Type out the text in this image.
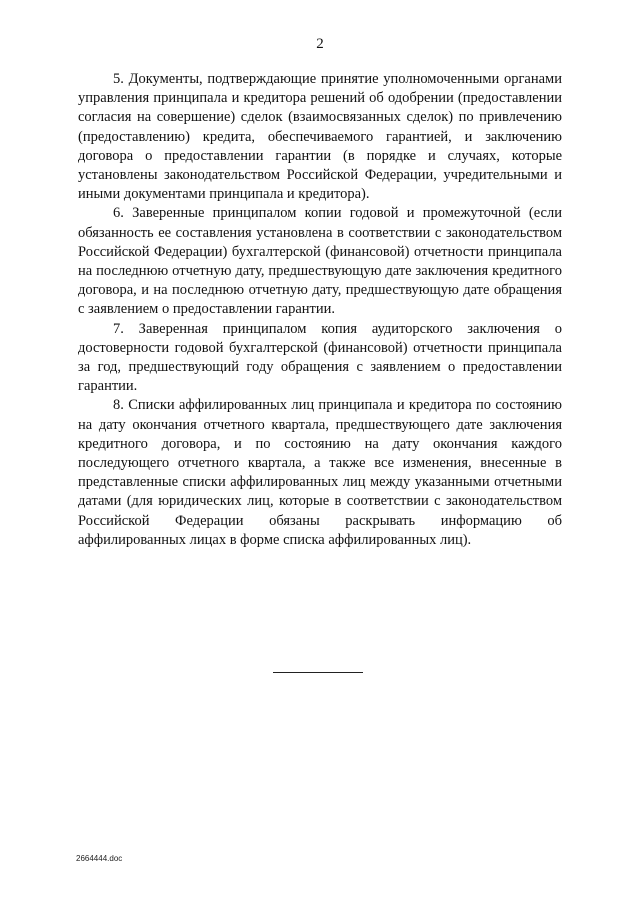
2

5. Документы, подтверждающие принятие уполномоченными органами управления принципала и кредитора решений об одобрении (предоставлении согласия на совершение) сделок (взаимосвязанных сделок) по привлечению (предоставлению) кредита, обеспечиваемого гарантией, и заключению договора о предоставлении гарантии (в порядке и случаях, которые установлены законодательством Российской Федерации, учредительными и иными документами принципала и кредитора).

6. Заверенные принципалом копии годовой и промежуточной (если обязанность ее составления установлена в соответствии с законодательством Российской Федерации) бухгалтерской (финансовой) отчетности принципала на последнюю отчетную дату, предшествующую дате заключения кредитного договора, и на последнюю отчетную дату, предшествующую дате обращения с заявлением о предоставлении гарантии.

7. Заверенная принципалом копия аудиторского заключения о достоверности годовой бухгалтерской (финансовой) отчетности принципала за год, предшествующий году обращения с заявлением о предоставлении гарантии.

8. Списки аффилированных лиц принципала и кредитора по состоянию на дату окончания отчетного квартала, предшествующего дате заключения кредитного договора, и по состоянию на дату окончания каждого последующего отчетного квартала, а также все изменения, внесенные в представленные списки аффилированных лиц между указанными отчетными датами (для юридических лиц, которые в соответствии с законодательством Российской Федерации обязаны раскрывать информацию об аффилированных лицах в форме списка аффилированных лиц).

2664444.doc
